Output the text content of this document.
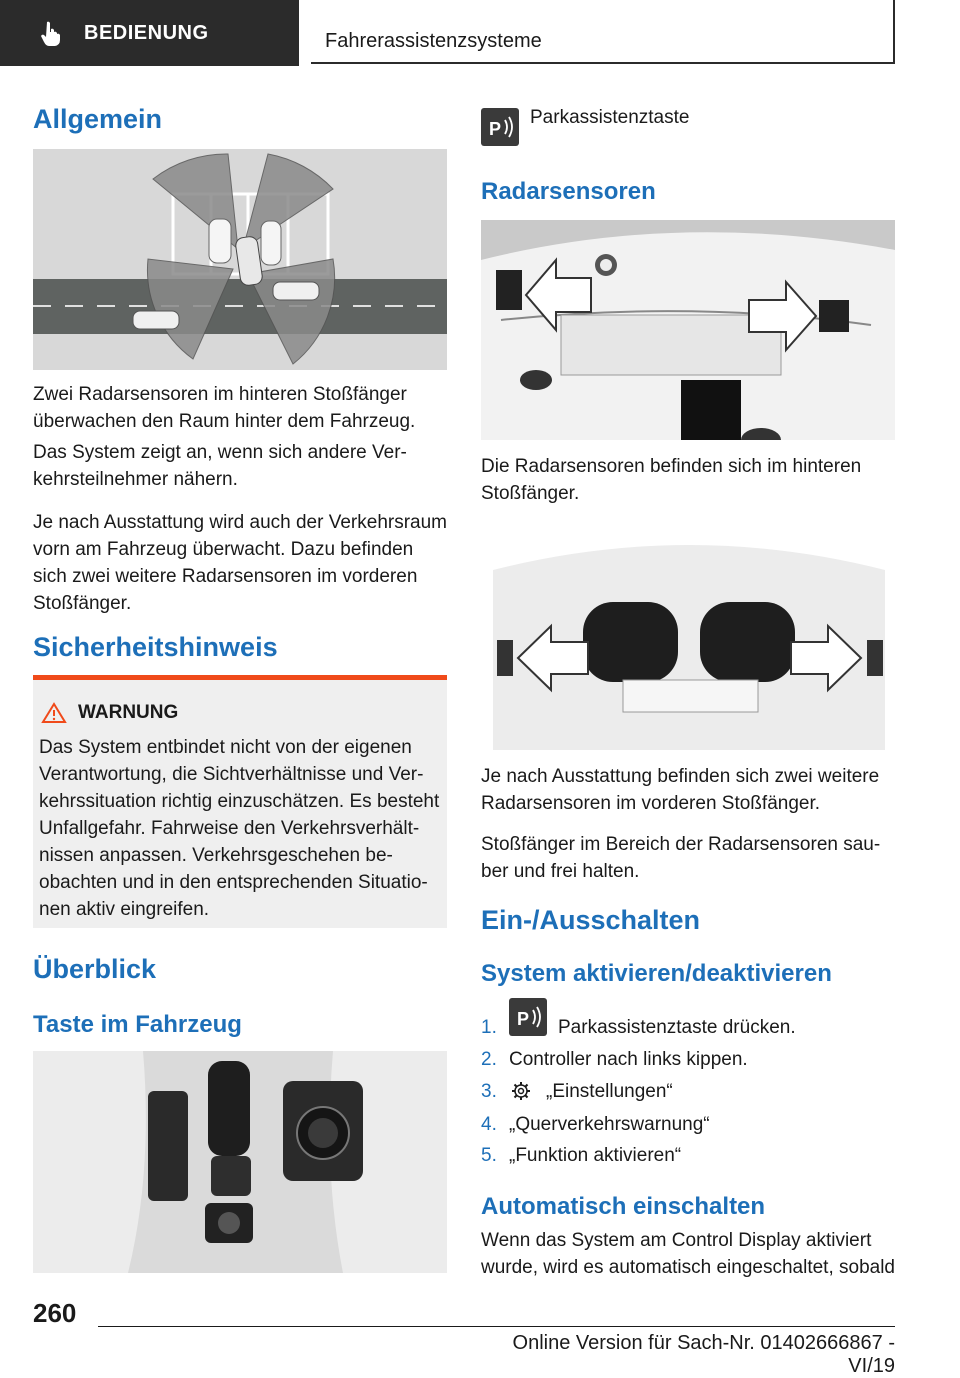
BEDIENUNG	Fahrerassistenzsysteme
Allgemein
Zwei Radarsensoren im hinteren Stoßfänger überwachen den Raum hinter dem Fahrzeug.
Das System zeigt an, wenn sich andere Verkehrsteilnehmer nähern.
Je nach Ausstattung wird auch der Verkehrsraum vorn am Fahrzeug überwacht. Dazu befinden sich zwei weitere Radarsensoren im vorderen Stoßfänger.
Sicherheitshinweis
WARNUNG
Das System entbindet nicht von der eigenen Verantwortung, die Sichtverhältnisse und Verkehrssituation richtig einzuschätzen. Es besteht Unfallgefahr. Fahrweise den Verkehrsverhältnissen anpassen. Verkehrsgeschehen beobachten und in den entsprechenden Situationen aktiv eingreifen.
Überblick
Taste im Fahrzeug
P
Parkassistenztaste
Radarsensoren
Die Radarsensoren befinden sich im hinteren Stoßfänger.
Je nach Ausstattung befinden sich zwei weitere Radarsensoren im vorderen Stoßfänger.
Stoßfänger im Bereich der Radarsensoren sauber und frei halten.
Ein-/Ausschalten
System aktivieren/deaktivieren
1. P Parkassistenztaste drücken.
2. Controller nach links kippen.
3.	„Einstellungen“
4. „Querverkehrswarnung“
5. „Funktion aktivieren“
Automatisch einschalten
Wenn das System am Control Display aktiviert wurde, wird es automatisch eingeschaltet, sobald
260
Online Version für Sach-Nr. 01402666867 - VI/19
